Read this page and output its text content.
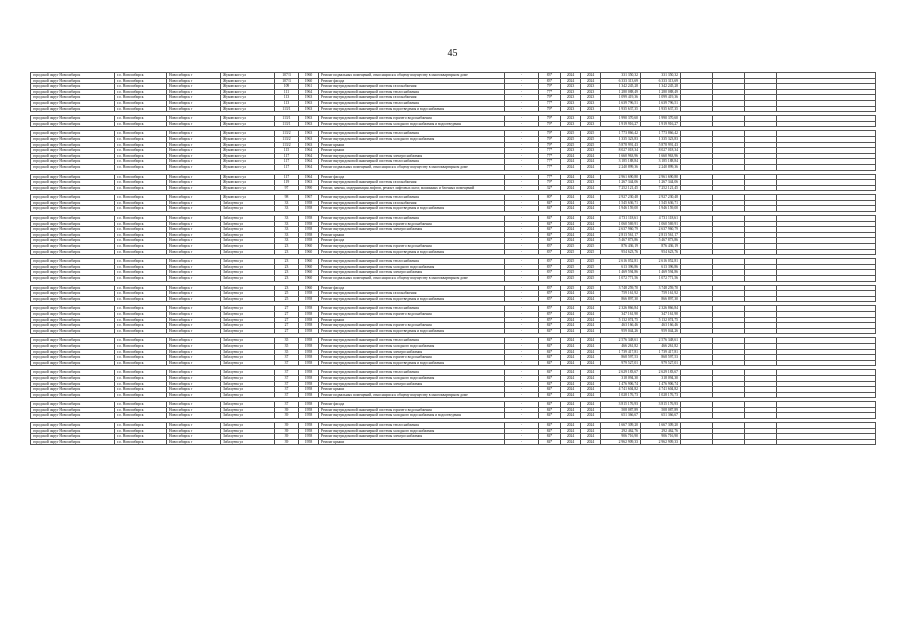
45
городской округ Новосибирск	г.о. Новосибирск	Новосибирск г	Жуковского ул	107/3	1960	Ремонт подвальных помещений, относящихся к общему имуществу в многоквартирном доме	-	83*	2024	2024	331 350,32	331 350,32				
городской округ Новосибирск	г.о. Новосибирск	Новосибирск г	Жуковского ул	107/3	1960	Ремонт фасада	-	83*	2024	2024	6 333 313,69	6 333 313,69				
городской округ Новосибирск	г.о. Новосибирск	Новосибирск г	Жуковского ул	109	1961	Ремонт внутридомовой инженерной системы газоснабжения	-	79*	2023	2023	1 342 245,28	1 342 245,28				
городской округ Новосибирск	г.о. Новосибирск	Новосибирск г	Жуковского ул	111	1964	Ремонт внутридомовой инженерной системы теплоснабжения	-	77*	2023	2023	1 280 088,49	1 280 088,49				
городской округ Новосибирск	г.о. Новосибирск	Новосибирск г	Жуковского ул	113	1963	Ремонт внутридомовой инженерной системы газоснабжения	-	79*	2023	2023	1 099 419,36	1 099 419,36				
городской округ Новосибирск	г.о. Новосибирск	Новосибирск г	Жуковского ул	113	1963	Ремонт внутридомовой инженерной системы теплоснабжения	-	77*	2023	2023	1 639 796,51	1 639 796,51				
городской округ Новосибирск	г.о. Новосибирск	Новосибирск г	Жуковского ул	113/1	1963	Ремонт внутридомовой инженерной системы водоотведения и водоснабжения	-	79*	2023	2023	1 935 637,35	1 935 637,35				

городской округ Новосибирск	г.о. Новосибирск	Новосибирск г	Жуковского ул	113/1	1963	Ремонт внутридомовой инженерной системы горячего водоснабжения	-	79*	2023	2023	1 990 370,60	1 990 370,60				
городской округ Новосибирск	г.о. Новосибирск	Новосибирск г	Жуковского ул	113/1	1963	Ремонт внутридомовой инженерной системы холодного водоснабжения и водоотведения	-	79*	2023	2023	1 919 916,27	1 919 916,27				

городской округ Новосибирск	г.о. Новосибирск	Новосибирск г	Жуковского ул	113/2	1963	Ремонт внутридомовой инженерной системы теплоснабжения	-	79*	2025	2025	1 773 866,42	1 773 866,42				
городской округ Новосибирск	г.о. Новосибирск	Новосибирск г	Жуковского ул	113/2	1963	Ремонт внутридомовой инженерной системы холодного водоснабжения	-	79*	2025	2025	1 335 323,83	1 335 323,83				
городской округ Новосибирск	г.о. Новосибирск	Новосибирск г	Жуковского ул	113/2	1963	Ремонт крыши	-	79*	2025	2025	5 878 991,43	5 878 991,43				
городской округ Новосибирск	г.о. Новосибирск	Новосибирск г	Жуковского ул	115	1964	Ремонт крыши	-	77*	2023	2023	8 027 018,34	8 027 018,34				
городской округ Новосибирск	г.о. Новосибирск	Новосибирск г	Жуковского ул	117	1964	Ремонт внутридомовой инженерной системы электроснабжения	-	77*	2024	2024	1 660 963,96	1 660 963,96				
городской округ Новосибирск	г.о. Новосибирск	Новосибирск г	Жуковского ул	117	1964	Ремонт внутридомовой инженерной системы теплоснабжения	-	77*	2024	2024	3 185 188,84	3 185 188,84				
городской округ Новосибирск	г.о. Новосибирск	Новосибирск г	Жуковского ул	117	1964	Ремонт подвальных помещений, относящихся к общему имуществу в многоквартирном доме	-	77*	2024	2024	2 240 899,36	2 240 899,36				

городской округ Новосибирск	г.о. Новосибирск	Новосибирск г	Жуковского ул	117	1964	Ремонт фасада	-	77*	2024	2024	2 961 690,80	2 961 690,80				
городской округ Новосибирск	г.о. Новосибирск	Новосибирск г	Жуковского ул	119	1963	Ремонт внутридомовой инженерной системы газоснабжения	-	79*	2023	2023	1 267 344,06	1 267 344,06				
городской округ Новосибирск	г.о. Новосибирск	Новосибирск г	Жуковского ул	97	1990	Ремонт, замена, модернизация лифтов, ремонт лифтовых шахт, машинных и блочных помещений	-	32*	2024	2024	7 252 121,45	7 252 121,45				

городской округ Новосибирск	г.о. Новосибирск	Новосибирск г	Жуковского ул	98	1967	Ремонт внутридомовой инженерной системы теплоснабжения	-	80*	2024	2024	2 927 230,48	2 927 230,48				
городской округ Новосибирск	г.о. Новосибирск	Новосибирск г	Забалуева ул	33	1958	Ремонт внутридомовой инженерной системы газоснабжения	-	84*	2024	2024	1 545 636,71	1 545 636,71				
городской округ Новосибирск	г.о. Новосибирск	Новосибирск г	Забалуева ул	33	1958	Ремонт внутридомовой инженерной системы водоотведения и водоснабжения	-	84*	2024	2024	1 946 159,00	1 946 159,00				

городской округ Новосибирск	г.о. Новосибирск	Новосибирск г	Забалуева ул	33	1958	Ремонт внутридомовой инженерной системы теплоснабжения	-	84*	2024	2024	4 731 118,61	4 731 118,61				
городской округ Новосибирск	г.о. Новосибирск	Новосибирск г	Забалуева ул	33	1958	Ремонт внутридомовой инженерной системы горячего водоснабжения	-	84*	2024	2024	1 060 569,91	1 060 569,91				
городской округ Новосибирск	г.о. Новосибирск	Новосибирск г	Забалуева ул	33	1958	Ремонт внутридомовой инженерной системы электроснабжения	-	84*	2024	2024	2 637 960,79	2 637 960,79				
городской округ Новосибирск	г.о. Новосибирск	Новосибирск г	Забалуева ул	33	1958	Ремонт крыши	-	84*	2024	2024	2 813 561,17	2 813 561,17				
городской округ Новосибирск	г.о. Новосибирск	Новосибирск г	Забалуева ул	33	1958	Ремонт фасада	-	84*	2024	2024	5 467 873,86	5 467 873,86				
городской округ Новосибирск	г.о. Новосибирск	Новосибирск г	Забалуева ул	23	1960	Ремонт внутридомовой инженерной системы горячего водоснабжения	-	83*	2025	2025	876 436,19	876 436,19				
городской округ Новосибирск	г.о. Новосибирск	Новосибирск г	Забалуева ул	23	1960	Ремонт внутридомовой инженерной системы водоотведения и водоснабжения	-	83*	2025	2025	954 623,76	954 623,76				

городской округ Новосибирск	г.о. Новосибирск	Новосибирск г	Забалуева ул	23	1960	Ремонт внутридомовой инженерной системы теплоснабжения	-	83*	2025	2025	2 616 052,81	2 616 052,81				
городской округ Новосибирск	г.о. Новосибирск	Новосибирск г	Забалуева ул	23	1960	Ремонт внутридомовой инженерной системы холодного водоснабжения	-	83*	2025	2025	613 396,86	613 396,86				
городской округ Новосибирск	г.о. Новосибирск	Новосибирск г	Забалуева ул	23	1960	Ремонт внутридомовой инженерной системы электроснабжения	-	83*	2025	2025	1 469 594,86	1 469 594,86				
городской округ Новосибирск	г.о. Новосибирск	Новосибирск г	Забалуева ул	23	1960	Ремонт подвальных помещений, относящихся к общему имуществу в многоквартирном доме	-	83*	2025	2025	1 072 771,56	1 072 771,56				

городской округ Новосибирск	г.о. Новосибирск	Новосибирск г	Забалуева ул	23	1960	Ремонт фасада	-	83*	2025	2025	3 748 259,70	3 748 259,70				
городской округ Новосибирск	г.о. Новосибирск	Новосибирск г	Забалуева ул	25	1958	Ремонт внутридомовой инженерной системы газоснабжения	-	85*	2024	2024	759 161,92	759 161,92				
городской округ Новосибирск	г.о. Новосибирск	Новосибирск г	Забалуева ул	25	1958	Ремонт внутридомовой инженерной системы водоотведения и водоснабжения	-	85*	2024	2024	866 897,30	866 897,30				

городской округ Новосибирск	г.о. Новосибирск	Новосибирск г	Забалуева ул	27	1958	Ремонт внутридомовой инженерной системы теплоснабжения	-	85*	2024	2024	2 326 866,84	2 326 866,84				
городской округ Новосибирск	г.о. Новосибирск	Новосибирск г	Забалуева ул	27	1958	Ремонт внутридомовой инженерной системы горячего водоснабжения	-	85*	2024	2024	347 161,90	347 161,90				
городской округ Новосибирск	г.о. Новосибирск	Новосибирск г	Забалуева ул	27	1958	Ремонт крыши	-	85*	2024	2024	5 132 074,75	5 132 074,75				
городской округ Новосибирск	г.о. Новосибирск	Новосибирск г	Забалуева ул	27	1958	Ремонт внутридомовой инженерной системы горячего водоснабжения	-	84*	2024	2024	463 166,46	463 166,46				
городской округ Новосибирск	г.о. Новосибирск	Новосибирск г	Забалуева ул	27	1958	Ремонт внутридомовой инженерной системы водоотведения и водоснабжения	-	84*	2024	2024	959 044,26	959 044,26				

городской округ Новосибирск	г.о. Новосибирск	Новосибирск г	Забалуева ул	35	1958	Ремонт внутридомовой инженерной системы теплоснабжения	-	84*	2024	2024	2 576 348,61	2 576 348,61				
городской округ Новосибирск	г.о. Новосибирск	Новосибирск г	Забалуева ул	35	1958	Ремонт внутридомовой инженерной системы холодного водоснабжения	-	84*	2024	2024	466 261,82	466 261,82				
городской округ Новосибирск	г.о. Новосибирск	Новосибирск г	Забалуева ул	35	1958	Ремонт внутридомовой инженерной системы электроснабжения	-	84*	2024	2024	1 739 417,81	1 739 417,81				
городской округ Новосибирск	г.о. Новосибирск	Новосибирск г	Забалуева ул	37	1958	Ремонт внутридомовой инженерной системы горячего водоснабжения	-	84*	2024	2024	868 597,53	868 597,53				
городской округ Новосибирск	г.о. Новосибирск	Новосибирск г	Забалуева ул	37	1958	Ремонт внутридомовой инженерной системы водоотведения и водоснабжения	-	84*	2024	2024	979 527,01	979 527,01				

городской округ Новосибирск	г.о. Новосибирск	Новосибирск г	Забалуева ул	37	1958	Ремонт внутридомовой инженерной системы теплоснабжения	-	84*	2024	2024	2 629 183,67	2 629 183,67				
городской округ Новосибирск	г.о. Новосибирск	Новосибирск г	Забалуева ул	37	1958	Ремонт внутридомовой инженерной системы холодного водоснабжения	-	84*	2024	2024	318 094,30	318 094,30				
городской округ Новосибирск	г.о. Новосибирск	Новосибирск г	Забалуева ул	37	1958	Ремонт внутридомовой инженерной системы электроснабжения	-	84*	2024	2024	1 476 906,74	1 476 906,74				
городской округ Новосибирск	г.о. Новосибирск	Новосибирск г	Забалуева ул	37	1958	Ремонт крыши	-	84*	2024	2024	4 741 604,82	4 741 604,82				
городской округ Новосибирск	г.о. Новосибирск	Новосибирск г	Забалуева ул	37	1958	Ремонт подвальных помещений, относящихся к общему имуществу в многоквартирном доме	-	84*	2024	2024	1 028 176,73	1 028 176,73				

городской округ Новосибирск	г.о. Новосибирск	Новосибирск г	Забалуева ул	37	1958	Ремонт фасада	-	84*	2024	2024	3 815 176,93	3 815 176,93				
городской округ Новосибирск	г.о. Новосибирск	Новосибирск г	Забалуева ул	39	1958	Ремонт внутридомовой инженерной системы горячего водоснабжения	-	84*	2024	2024	508 087,89	508 087,89				
городской округ Новосибирск	г.о. Новосибирск	Новосибирск г	Забалуева ул	39	1958	Ремонт внутридомовой инженерной системы холодного водоснабжения и водоотведения	-	84*	2024	2024	651 366,67	651 366,67				

городской округ Новосибирск	г.о. Новосибирск	Новосибирск г	Забалуева ул	39	1958	Ремонт внутридомовой инженерной системы теплоснабжения	-	84*	2024	2024	1 667 309,20	1 667 309,20				
городской округ Новосибирск	г.о. Новосибирск	Новосибирск г	Забалуева ул	39	1958	Ремонт внутридомовой инженерной системы холодного водоснабжения	-	84*	2024	2024	292 462,76	292 462,76				
городской округ Новосибирск	г.о. Новосибирск	Новосибирск г	Забалуева ул	39	1958	Ремонт внутридомовой инженерной системы электроснабжения	-	84*	2024	2024	906 716,90	906 716,90				
городской округ Новосибирск	г.о. Новосибирск	Новосибирск г	Забалуева ул	39	1958	Ремонт крыши	-	84*	2024	2024	2 962 909,33	2 962 909,33				
